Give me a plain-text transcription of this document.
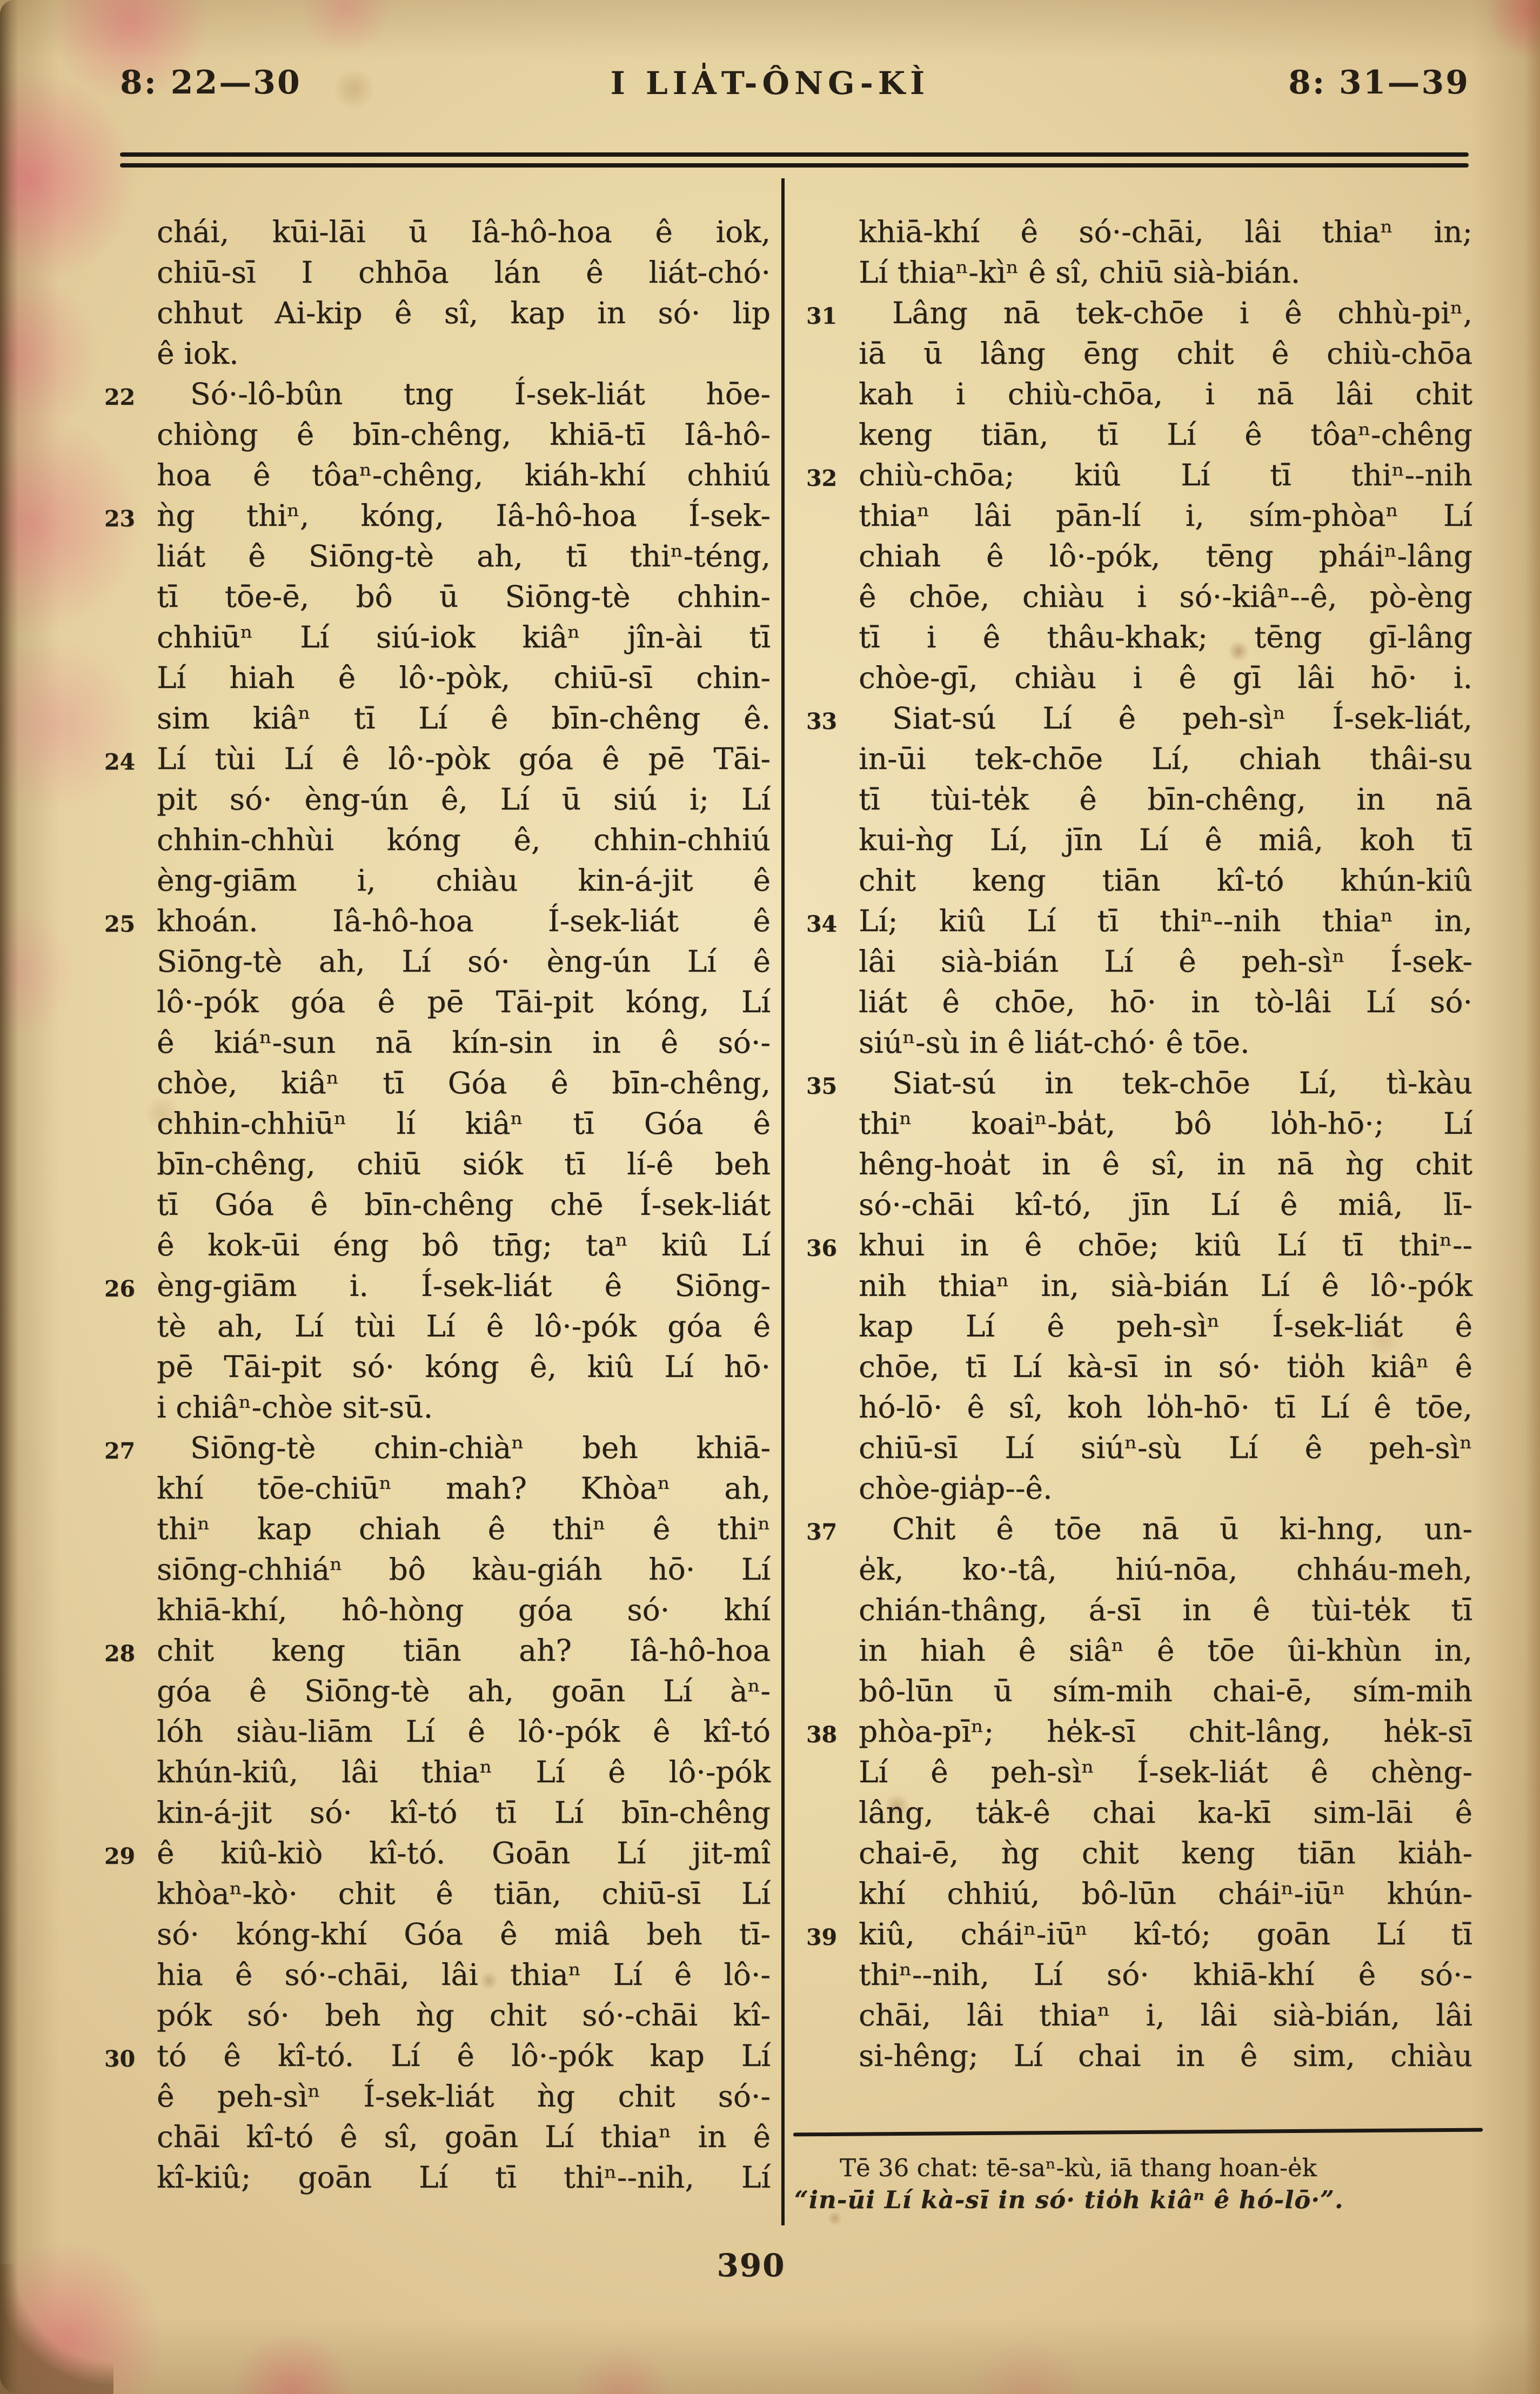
8: 22—30	I LIA̍T-ÔNG-KÌ	8: 31—39
chái, kūi-lāi ū Iâ-hô-hoa ê iok,
chiū-sī I chhōa lán ê liát-chó·
chhut Ai-kip ê sî, kap in só· lip
ê iok.
22	Só·-lô-bûn tng Í-sek-liát hōe-
chiòng ê bīn-chêng, khiā-tī Iâ-hô-
hoa ê tôaⁿ-chêng, kiáh-khí chhiú
23 ǹg thiⁿ, kóng, Iâ-hô-hoa Í-sek-
liát ê Siōng-tè ah, tī thiⁿ-téng,
tī tōe-ē, bô ū Siōng-tè chhin-
chhiūⁿ Lí siú-iok kiâⁿ jîn-ài tī
Lí hiah ê lô·-pòk, chiū-sī chin-
sim kiâⁿ tī Lí ê bīn-chêng ê.
24 Lí tùi Lí ê lô·-pòk góa ê pē Tāi-
pit só· èng-ún ê, Lí ū siú i; Lí
chhin-chhùi kóng ê, chhin-chhiú
èng-giām i, chiàu kin-á-jit ê
25 khoán. Iâ-hô-hoa Í-sek-liát ê
Siōng-tè ah, Lí só· èng-ún Lí ê
lô·-pók góa ê pē Tāi-pit kóng, Lí
ê kiáⁿ-sun nā kín-sin in ê só·-
chòe, kiâⁿ tī Góa ê bīn-chêng,
chhin-chhiūⁿ lí kiâⁿ tī Góa ê
bīn-chêng, chiū siók tī lí-ê beh
tī Góa ê bīn-chêng chē Í-sek-liát
ê kok-ūi éng bô tn̄g; taⁿ kiû Lí
26 èng-giām i. Í-sek-liát ê Siōng-
tè ah, Lí tùi Lí ê lô·-pók góa ê
pē Tāi-pit só· kóng ê, kiû Lí hō·
i chiâⁿ-chòe sit-sū.
27	Siōng-tè chin-chiàⁿ beh khiā-
khí tōe-chiūⁿ mah? Khòaⁿ ah,
thiⁿ kap chiah ê thiⁿ ê thiⁿ
siōng-chhiáⁿ bô kàu-giáh hō· Lí
khiā-khí, hô-hòng góa só· khí
28 chit keng tiān ah? Iâ-hô-hoa
góa ê Siōng-tè ah, goān Lí àⁿ-
lóh siàu-liām Lí ê lô·-pók ê kî-tó
khún-kiû, lâi thiaⁿ Lí ê lô·-pók
kin-á-jit só· kî-tó tī Lí bīn-chêng
29 ê kiû-kiò kî-tó. Goān Lí jit-mî
khòaⁿ-kò· chit ê tiān, chiū-sī Lí
só· kóng-khí Góa ê miâ beh tī-
hia ê só·-chāi, lâi thiaⁿ Lí ê lô·-
pók só· beh ǹg chit só·-chāi kî-
30 tó ê kî-tó. Lí ê lô·-pók kap Lí
ê peh-sìⁿ Í-sek-liát ǹg chit só·-
chāi kî-tó ê sî, goān Lí thiaⁿ in ê
kî-kiû; goān Lí tī thiⁿ--nih, Lí
khiā-khí ê só·-chāi, lâi thiaⁿ in;
Lí thiaⁿ-kìⁿ ê sî, chiū sià-bián.
31	Lâng nā tek-chōe i ê chhù-piⁿ,
iā ū lâng ēng chi̍t ê chiù-chōa
kah i chiù-chōa, i nā lâi chit
keng tiān, tī Lí ê tôaⁿ-chêng
32 chiù-chōa; kiû Lí tī thiⁿ--nih
thiaⁿ lâi pān-lí i, sím-phòaⁿ Lí
chiah ê lô·-pók, tēng pháiⁿ-lâng
ê chōe, chiàu i só·-kiâⁿ--ê, pò-èng
tī i ê thâu-khak; tēng gī-lâng
chòe-gī, chiàu i ê gī lâi hō· i.
33	Siat-sú Lí ê peh-sìⁿ Í-sek-liát,
in-ūi tek-chōe Lí, chiah thâi-su
tī tùi-te̍k ê bīn-chêng, in nā
kui-ǹg Lí, jīn Lí ê miâ, koh tī
chit keng tiān kî-tó khún-kiû
34 Lí; kiû Lí tī thiⁿ--nih thiaⁿ in,
lâi sià-bián Lí ê peh-sìⁿ Í-sek-
liát ê chōe, hō· in tò-lâi Lí só·
siúⁿ-sù in ê liát-chó· ê tōe.
35	Siat-sú in tek-chōe Lí, tì-kàu
thiⁿ koaiⁿ-ba̍t, bô lo̍h-hō·; Lí
hêng-hoa̍t in ê sî, in nā ǹg chit
só·-chāi kî-tó, jīn Lí ê miâ, lī-
36 khui in ê chōe; kiû Lí tī thiⁿ--
nih thiaⁿ in, sià-bián Lí ê lô·-pók
kap Lí ê peh-sìⁿ Í-sek-liát ê
chōe, tī Lí kà-sī in só· tio̍h kiâⁿ ê
hó-lō· ê sî, koh lo̍h-hō· tī Lí ê tōe,
chiū-sī Lí siúⁿ-sù Lí ê peh-sìⁿ
chòe-gia̍p--ê.
37	Chit ê tōe nā ū ki-hng, un-
e̍k, ko·-tâ, hiú-nōa, chháu-meh,
chián-thâng, á-sī in ê tùi-te̍k tī
in hiah ê siâⁿ ê tōe ûi-khùn in,
bô-lūn ū sím-mih chai-ē, sím-mih
38 phòa-pīⁿ; he̍k-sī chit-lâng, he̍k-sī
Lí ê peh-sìⁿ Í-sek-liát ê chèng-
lâng, ta̍k-ê chai ka-kī sim-lāi ê
chai-ē, ǹg chit keng tiān kia̍h-
khí chhiú, bô-lūn cháiⁿ-iūⁿ khún-
39 kiû, cháiⁿ-iūⁿ kî-tó; goān Lí tī
thiⁿ--nih, Lí só· khiā-khí ê só·-
chāi, lâi thiaⁿ i, lâi sià-bián, lâi
si-hêng; Lí chai in ê sim, chiàu
Tē 36 chat: tē-saⁿ-kù, iā thang hoan-e̍k
“in-ūi Lí kà-sī in só· tio̍h kiâⁿ ê hó-lō·”.
390
